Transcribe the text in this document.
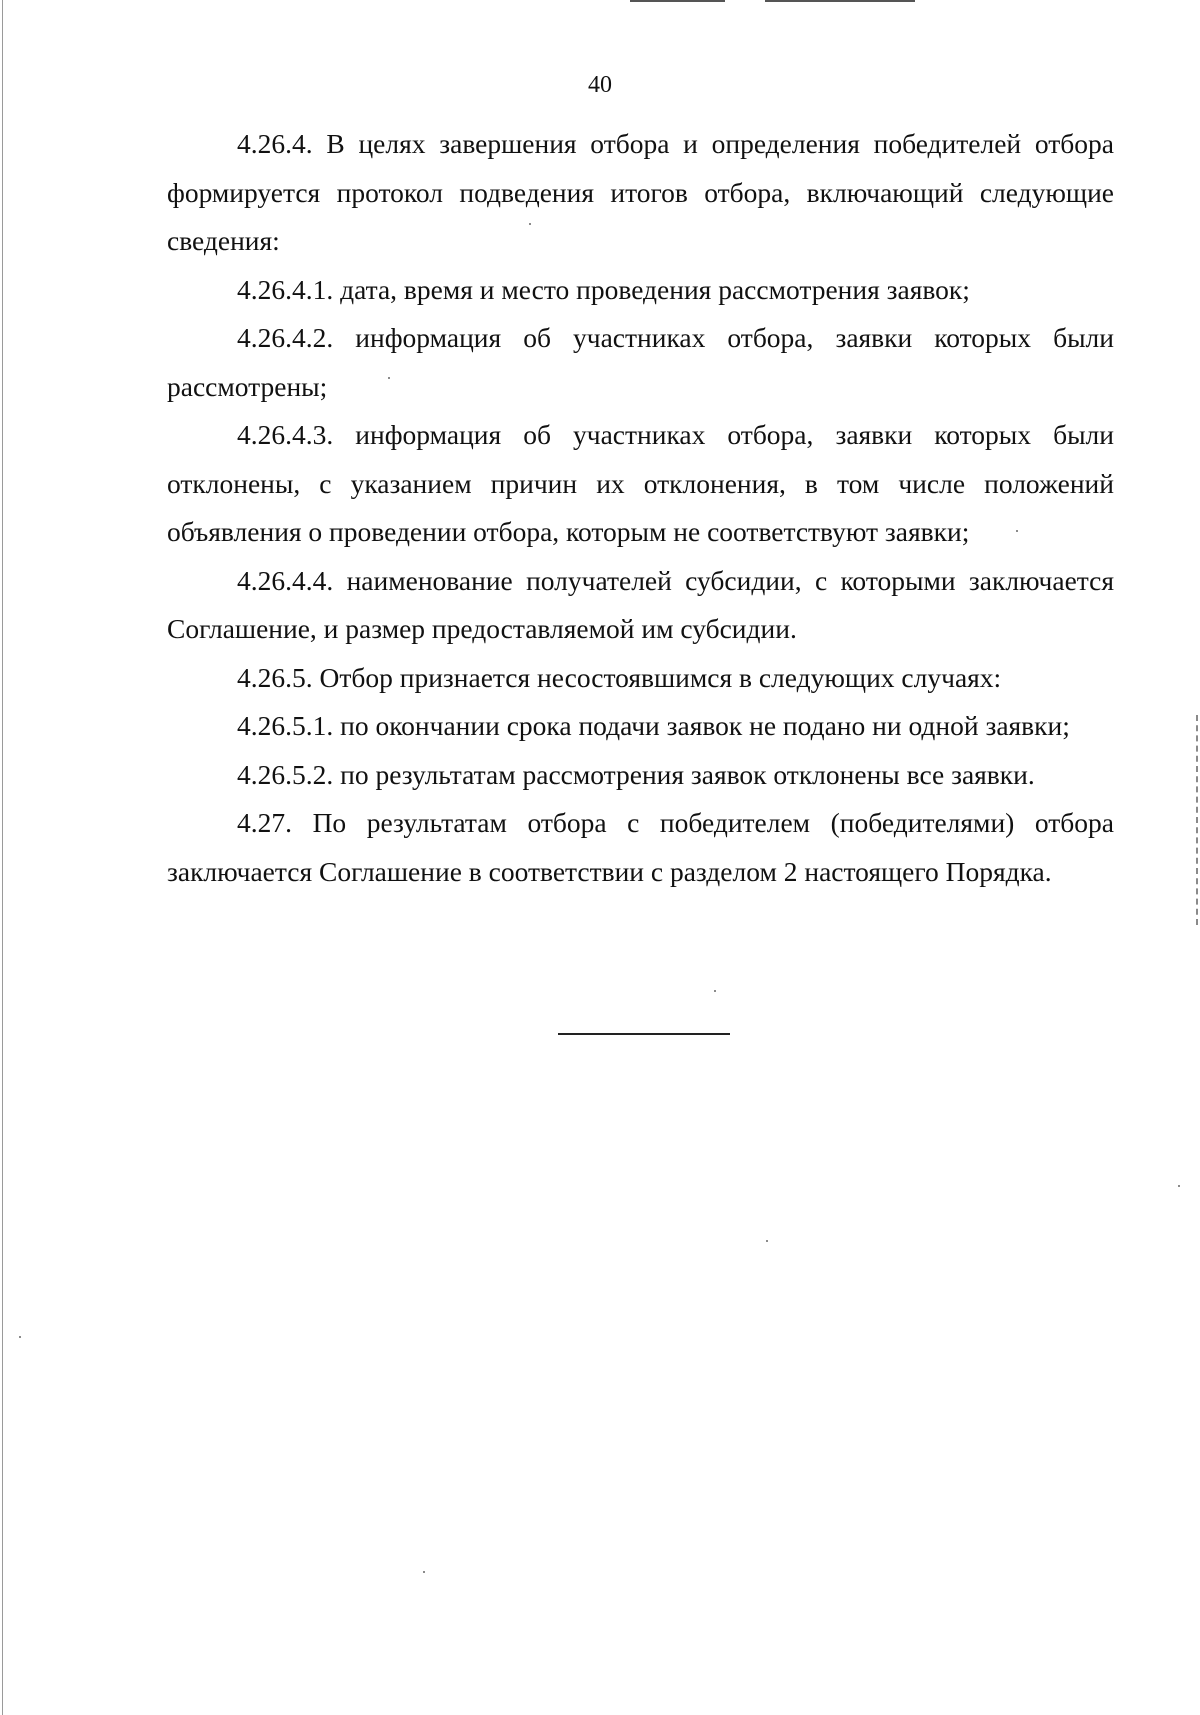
40

4.26.4. В целях завершения отбора и определения победителей отбора формируется протокол подведения итогов отбора, включающий следующие сведения:

4.26.4.1. дата, время и место проведения рассмотрения заявок;

4.26.4.2. информация об участниках отбора, заявки которых были рассмотрены;

4.26.4.3. информация об участниках отбора, заявки которых были отклонены, с указанием причин их отклонения, в том числе положений объявления о проведении отбора, которым не соответствуют заявки;

4.26.4.4. наименование получателей субсидии, с которыми заключается Соглашение, и размер предоставляемой им субсидии.

4.26.5. Отбор признается несостоявшимся в следующих случаях:

4.26.5.1. по окончании срока подачи заявок не подано ни одной заявки;

4.26.5.2. по результатам рассмотрения заявок отклонены все заявки.

4.27. По результатам отбора с победителем (победителями) отбора заключается Соглашение в соответствии с разделом 2 настоящего Порядка.
